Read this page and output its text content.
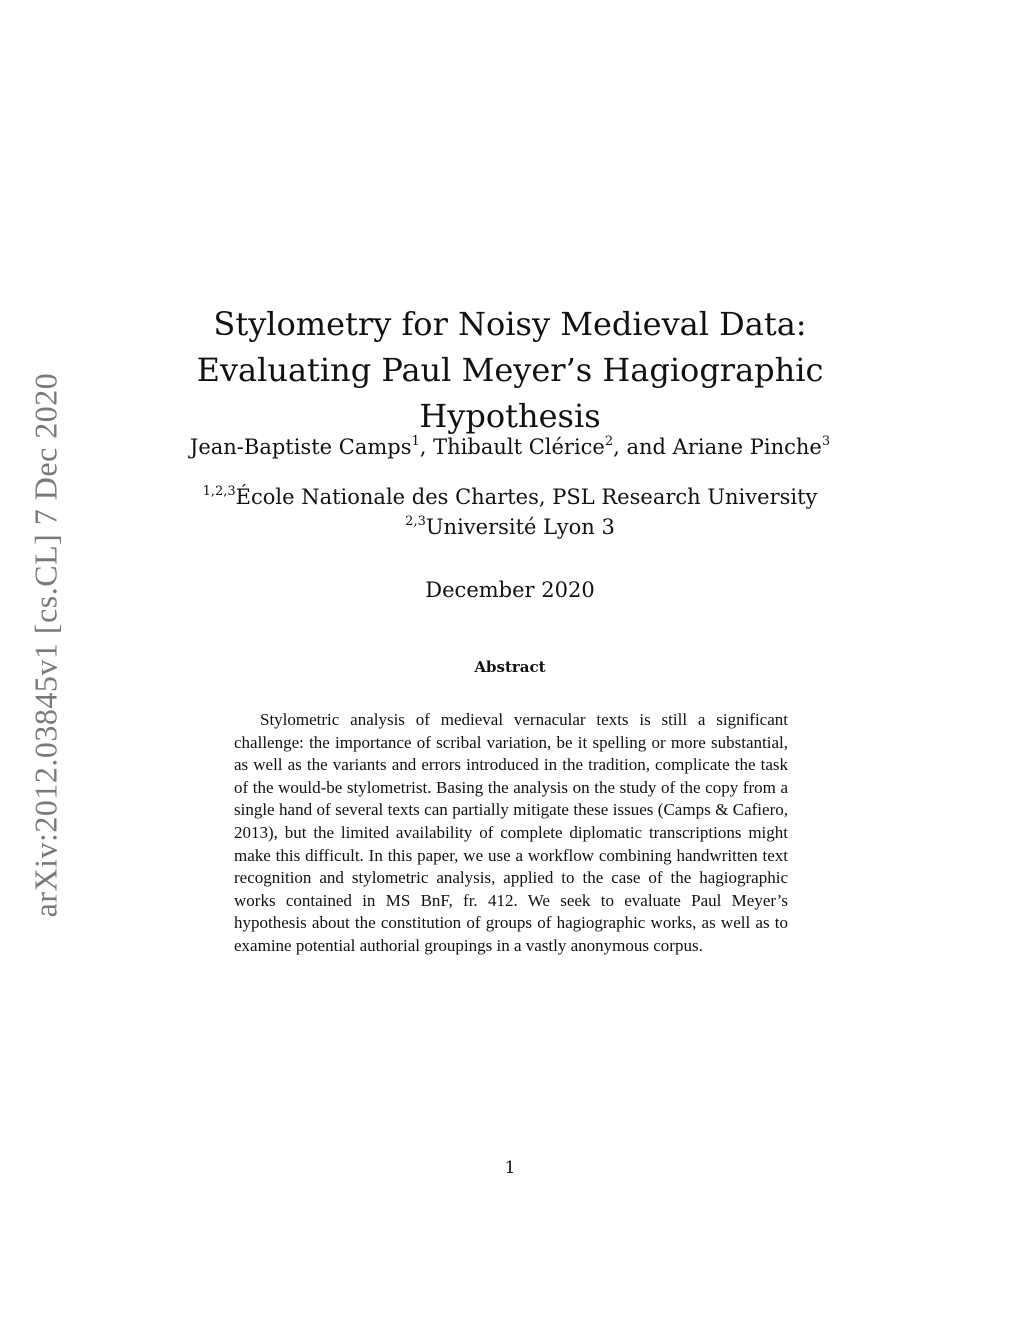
arXiv:2012.03845v1 [cs.CL] 7 Dec 2020
Stylometry for Noisy Medieval Data:
Evaluating Paul Meyer’s Hagiographic
Hypothesis
Jean-Baptiste Camps$^1$, Thibault Clérice$^2$, and Ariane Pinche$^3$
$^{1,2,3}$École Nationale des Chartes, PSL Research University
$^{2,3}$Université Lyon 3
December 2020
Abstract

Stylometric analysis of medieval vernacular texts is still a significant challenge: the importance of scribal variation, be it spelling or more substantial, as well as the variants and errors introduced in the tradition, complicate the task of the would-be stylometrist. Basing the analysis on the study of the copy from a single hand of several texts can partially mitigate these issues (Camps & Cafiero, 2013), but the limited availability of complete diplomatic transcriptions might make this difficult. In this paper, we use a workflow combining handwritten text recognition and stylometric analysis, applied to the case of the hagiographic works contained in MS BnF, fr. 412. We seek to evaluate Paul Meyer’s hypothesis about the constitution of groups of hagiographic works, as well as to examine potential authorial groupings in a vastly anonymous corpus.

1
